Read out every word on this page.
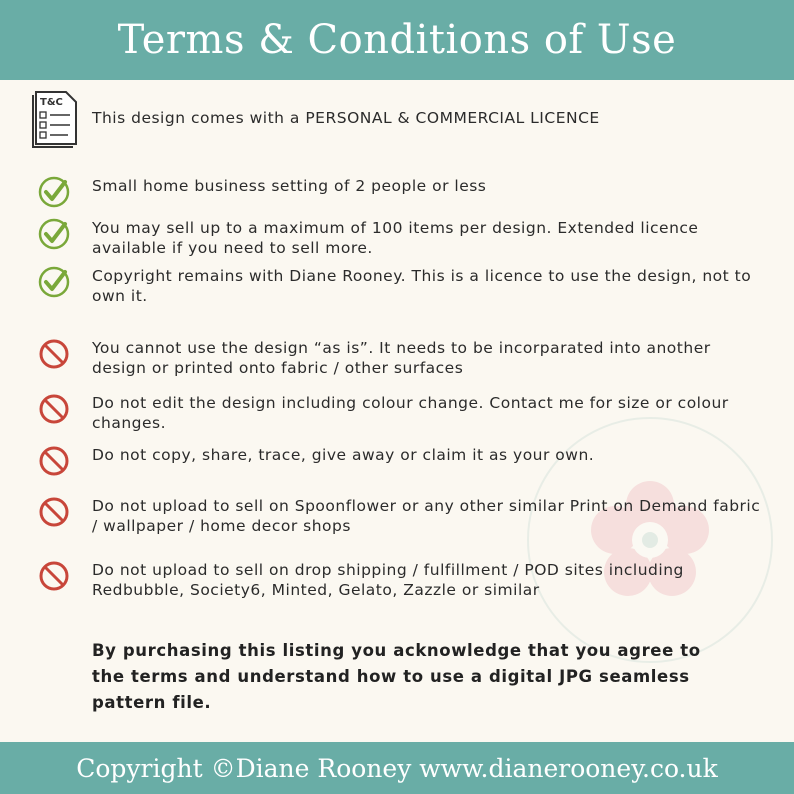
Terms & Conditions of Use
T&C
This design comes with a PERSONAL & COMMERCIAL LICENCE
Small home business setting of 2 people or less
You may sell up to a maximum of 100 items per design. Extended licence available if you need to sell more.
Copyright remains with Diane Rooney. This is a licence to use the design, not to own it.
You cannot use the design “as is”. It needs to be incorparated into another design or printed onto fabric / other surfaces
Do not edit the design including colour change. Contact me for size or colour changes.
Do not copy, share, trace, give away or claim it as your own.
Do not upload to sell on Spoonflower or any other similar Print on Demand fabric / wallpaper / home decor shops
Do not upload to sell on drop shipping / fulfillment / POD sites including Redbubble, Society6, Minted, Gelato, Zazzle or similar
By purchasing this listing you acknowledge that you agree to the terms and understand how to use a digital JPG seamless pattern file.
Copyright ©Diane Rooney www.dianerooney.co.uk
